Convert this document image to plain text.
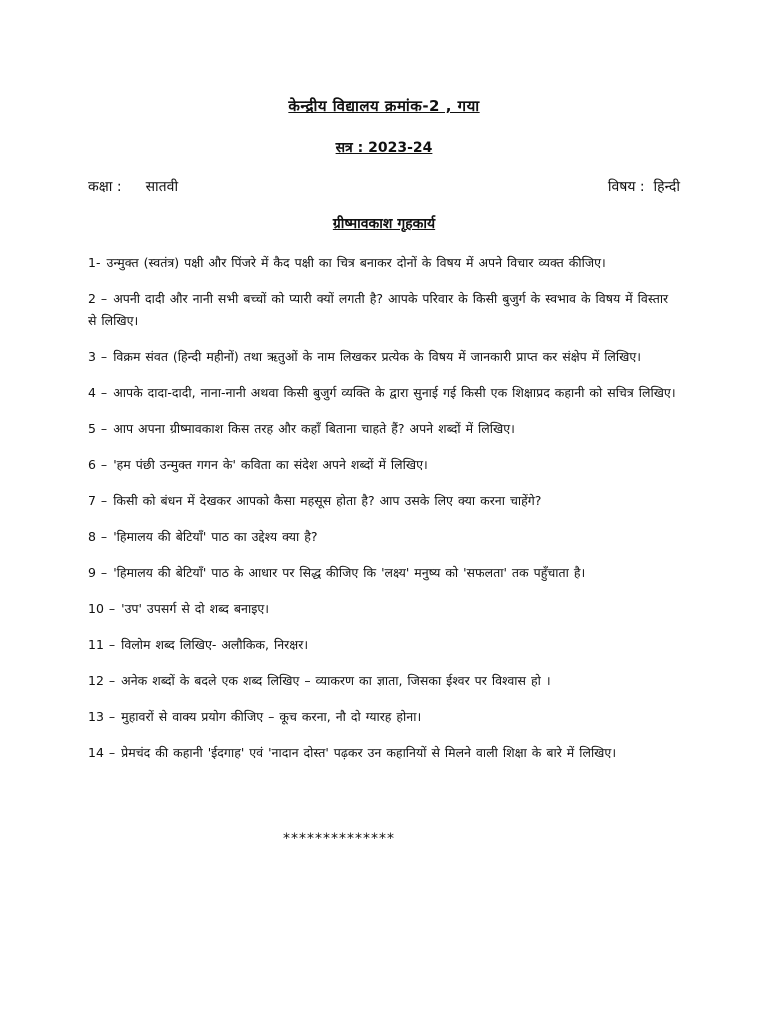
केन्द्रीय विद्यालय क्रमांक-2 , गया
सत्र : 2023-24
कक्षा : सातवी	विषय : हिन्दी
ग्रीष्मावकाश गृहकार्य
1- उन्मुक्त (स्वतंत्र) पक्षी और पिंजरे में कैद पक्षी का चित्र बनाकर दोनों के विषय में अपने विचार व्यक्त कीजिए।
2 – अपनी दादी और नानी सभी बच्चों को प्यारी क्यों लगती है? आपके परिवार के किसी बुजुर्ग के स्वभाव के विषय में विस्तार से लिखिए।
3 – विक्रम संवत (हिन्दी महीनों) तथा ऋतुओं के नाम लिखकर प्रत्येक के विषय में जानकारी प्राप्त कर संक्षेप में लिखिए।
4 – आपके दादा-दादी, नाना-नानी अथवा किसी बुजुर्ग व्यक्ति के द्वारा सुनाई गई किसी एक शिक्षाप्रद कहानी को सचित्र लिखिए।
5 – आप अपना ग्रीष्मावकाश किस तरह और कहाँ बिताना चाहते हैं? अपने शब्दों में लिखिए।
6 – 'हम पंछी उन्मुक्त गगन के' कविता का संदेश अपने शब्दों में लिखिए।
7 – किसी को बंधन में देखकर आपको कैसा महसूस होता है? आप उसके लिए क्या करना चाहेंगे?
8 – 'हिमालय की बेटियाँ' पाठ का उद्देश्य क्या है?
9 – 'हिमालय की बेटियाँ' पाठ के आधार पर सिद्ध कीजिए कि 'लक्ष्य' मनुष्य को 'सफलता' तक पहुँचाता है।
10 – 'उप' उपसर्ग से दो शब्द बनाइए।
11 – विलोम शब्द लिखिए- अलौकिक, निरक्षर।
12 – अनेक शब्दों के बदले एक शब्द लिखिए – व्याकरण का ज्ञाता, जिसका ईश्वर पर विश्वास हो ।
13 – मुहावरों से वाक्य प्रयोग कीजिए – कूच करना, नौ दो ग्यारह होना।
14 – प्रेमचंद की कहानी 'ईदगाह' एवं 'नादान दोस्त' पढ़कर उन कहानियों से मिलने वाली शिक्षा के बारे में लिखिए।
**************
